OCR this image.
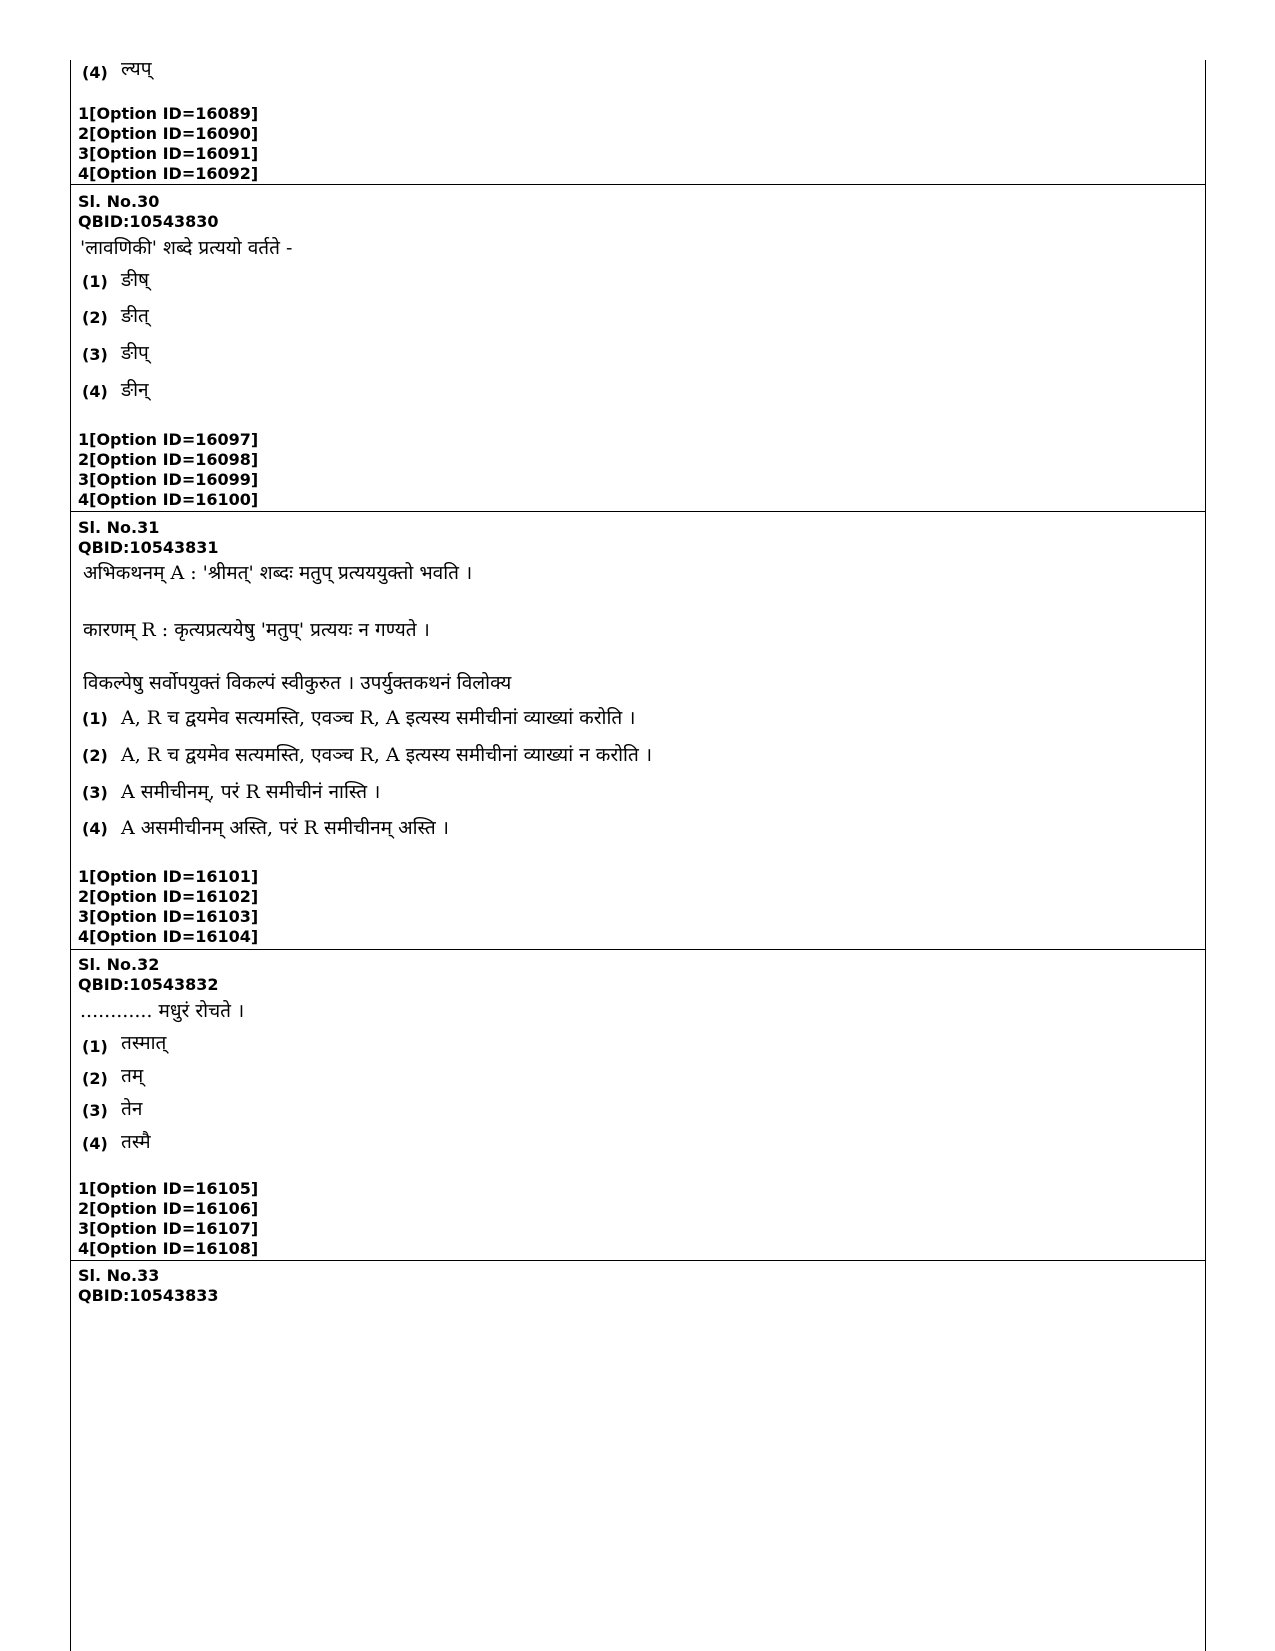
(4) ल्यप्
1[Option ID=16089]
2[Option ID=16090]
3[Option ID=16091]
4[Option ID=16092]
Sl. No.30
QBID:10543830
'लावणिकी' शब्दे प्रत्ययो वर्तते -
(1) ङीष्
(2) ङीत्
(3) ङीप्
(4) ङीन्
1[Option ID=16097]
2[Option ID=16098]
3[Option ID=16099]
4[Option ID=16100]
Sl. No.31
QBID:10543831
अभिकथनम् A : 'श्रीमत्' शब्दः मतुप् प्रत्यययुक्तो भवति ।
कारणम् R : कृत्यप्रत्ययेषु 'मतुप्' प्रत्ययः न गण्यते ।
विकल्पेषु सर्वोपयुक्तं विकल्पं स्वीकुरुत । उपर्युक्तकथनं विलोक्य
(1) A, R च द्वयमेव सत्यमस्ति, एवञ्च R, A इत्यस्य समीचीनां व्याख्यां करोति ।
(2) A, R च द्वयमेव सत्यमस्ति, एवञ्च R, A इत्यस्य समीचीनां व्याख्यां न करोति ।
(3) A समीचीनम्, परं R समीचीनं नास्ति ।
(4) A असमीचीनम् अस्ति, परं R समीचीनम् अस्ति ।
1[Option ID=16101]
2[Option ID=16102]
3[Option ID=16103]
4[Option ID=16104]
Sl. No.32
QBID:10543832
............ मधुरं रोचते ।
(1) तस्मात्
(2) तम्
(3) तेन
(4) तस्मै
1[Option ID=16105]
2[Option ID=16106]
3[Option ID=16107]
4[Option ID=16108]
Sl. No.33
QBID:10543833
